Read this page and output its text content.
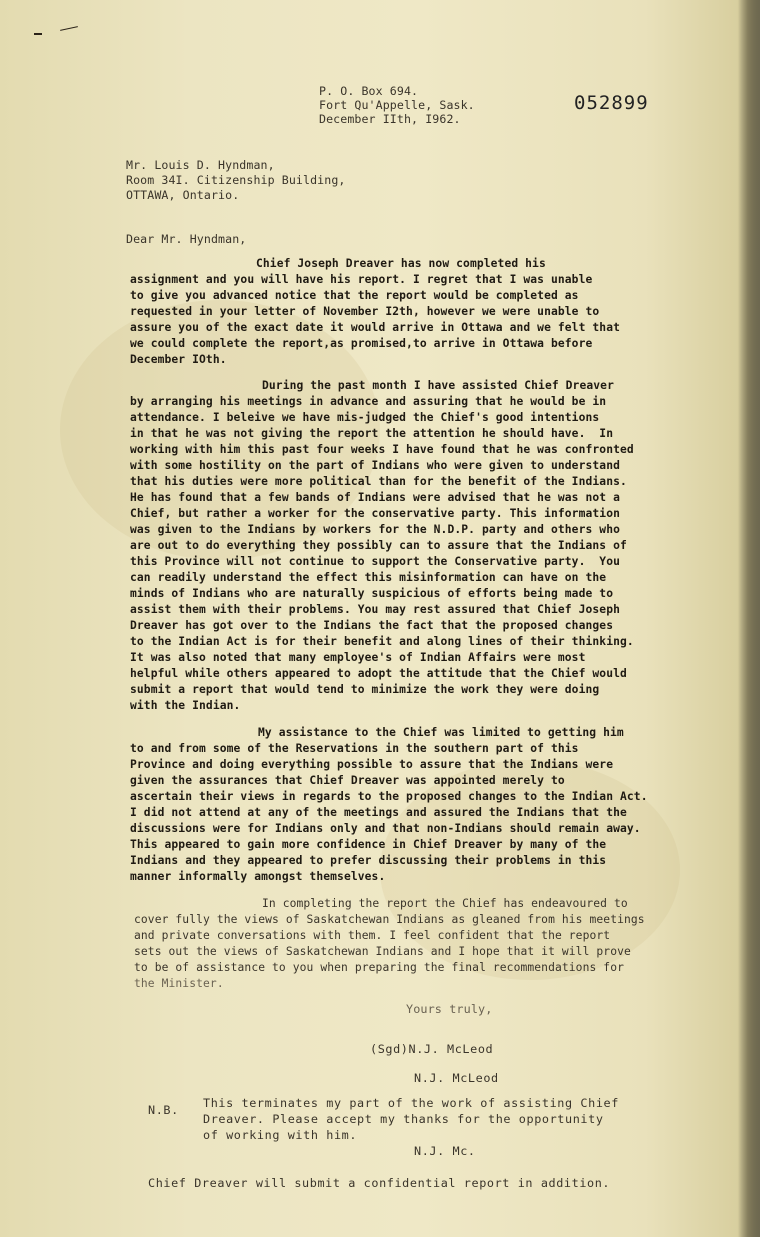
P. O. Box 694.
Fort Qu'Appelle, Sask.
December IIth, I962.
052899
Mr. Louis D. Hyndman,
Room 34I. Citizenship Building,
OTTAWA, Ontario.
Dear Mr. Hyndman,
Chief Joseph Dreaver has now completed his
assignment and you will have his report. I regret that I was unable
to give you advanced notice that the report would be completed as
requested in your letter of November I2th, however we were unable to
assure you of the exact date it would arrive in Ottawa and we felt that
we could complete the report,as promised,to arrive in Ottawa before
December IOth.
During the past month I have assisted Chief Dreaver
by arranging his meetings in advance and assuring that he would be in
attendance. I beleive we have mis-judged the Chief's good intentions
in that he was not giving the report the attention he should have.  In
working with him this past four weeks I have found that he was confronted
with some hostility on the part of Indians who were given to understand
that his duties were more political than for the benefit of the Indians.
He has found that a few bands of Indians were advised that he was not a
Chief, but rather a worker for the conservative party. This information
was given to the Indians by workers for the N.D.P. party and others who
are out to do everything they possibly can to assure that the Indians of
this Province will not continue to support the Conservative party.  You
can readily understand the effect this misinformation can have on the
minds of Indians who are naturally suspicious of efforts being made to
assist them with their problems. You may rest assured that Chief Joseph
Dreaver has got over to the Indians the fact that the proposed changes
to the Indian Act is for their benefit and along lines of their thinking.
It was also noted that many employee's of Indian Affairs were most
helpful while others appeared to adopt the attitude that the Chief would
submit a report that would tend to minimize the work they were doing
with the Indian.
My assistance to the Chief was limited to getting him
to and from some of the Reservations in the southern part of this
Province and doing everything possible to assure that the Indians were
given the assurances that Chief Dreaver was appointed merely to
ascertain their views in regards to the proposed changes to the Indian Act.
I did not attend at any of the meetings and assured the Indians that the
discussions were for Indians only and that non-Indians should remain away.
This appeared to gain more confidence in Chief Dreaver by many of the
Indians and they appeared to prefer discussing their problems in this
manner informally amongst themselves.
In completing the report the Chief has endeavoured to
cover fully the views of Saskatchewan Indians as gleaned from his meetings
and private conversations with them. I feel confident that the report
sets out the views of Saskatchewan Indians and I hope that it will prove
to be of assistance to you when preparing the final recommendations for
the Minister.
Yours truly,
(Sgd)N.J. McLeod
N.J. McLeod
N.B. This terminates my part of the work of assisting Chief
Dreaver. Please accept my thanks for the opportunity
of working with him.
N.J. Mc.
Chief Dreaver will submit a confidential report in addition.
